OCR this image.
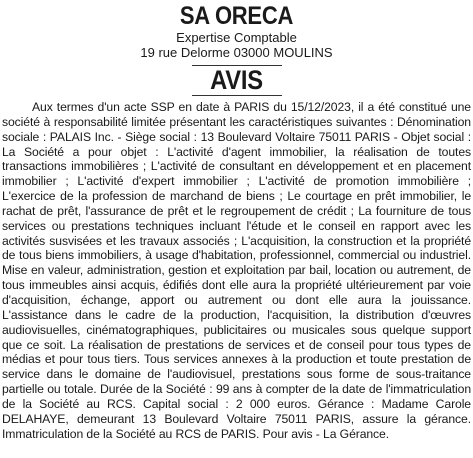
SA ORECA
Expertise Comptable
19 rue Delorme 03000 MOULINS
AVIS

Aux termes d'un acte SSP en date à PARIS du 15/12/2023, il a été constitué une société à responsabilité limitée présentant les caractéristiques suivantes : Dénomination sociale : PALAIS Inc. - Siège social : 13 Boulevard Voltaire 75011 PARIS - Objet social : La Société a pour objet : L'activité d'agent immobilier, la réalisation de toutes transactions immobilières ; L'activité de consultant en développement et en placement immobilier ; L'activité d'expert immobilier ; L'activité de promotion immobilière ; L'exercice de la profession de marchand de biens ; Le courtage en prêt immobilier, le rachat de prêt, l'assurance de prêt et le regroupement de crédit ; La fourniture de tous services ou prestations techniques incluant l'étude et le conseil en rapport avec les activités susvisées et les travaux associés ; L'acquisition, la construction et la propriété de tous biens immobiliers, à usage d'habitation, professionnel, commercial ou industriel. Mise en valeur, administration, gestion et exploitation par bail, location ou autrement, de tous immeubles ainsi acquis, édifiés dont elle aura la propriété ultérieurement par voie d'acquisition, échange, apport ou autrement ou dont elle aura la jouissance. L'assistance dans le cadre de la production, l'acquisition, la distribution d'œuvres audiovisuelles, cinématographiques, publicitaires ou musicales sous quelque support que ce soit. La réalisation de prestations de services et de conseil pour tous types de médias et pour tous tiers. Tous services annexes à la production et toute prestation de service dans le domaine de l'audiovisuel, prestations sous forme de sous-traitance partielle ou totale. Durée de la Société : 99 ans à compter de la date de l'immatriculation de la Société au RCS. Capital social : 2 000 euros. Gérance : Madame Carole DELAHAYE, demeurant 13 Boulevard Voltaire 75011 PARIS, assure la gérance. Immatriculation de la Société au RCS de PARIS. Pour avis - La Gérance.
